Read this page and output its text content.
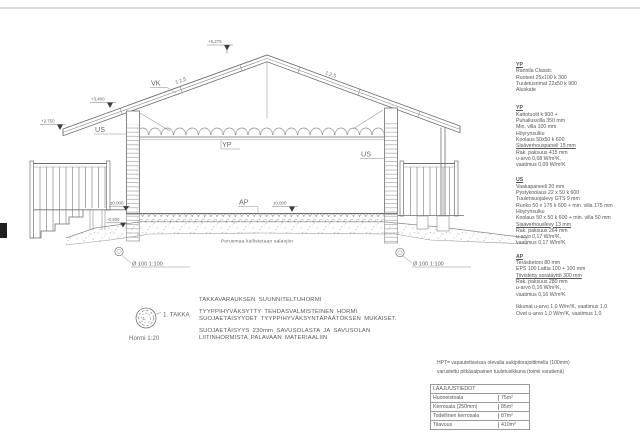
Ø 100 1:100	Ø 100 1:100
+5,275
+3,400
+2,750
±0,000
±0,000
-0,300
VK	1:2,5
1:2,5
US
US
YP
AP
Perusmaa kallistetaan salaojiin
1.	1. TAKKA
Hormi 1:20
TAKKAVARAUKSEN SUUNNITELTUHORMI
TYYPPIHYVÄKSYTTY TEHDASVALMISTEINEN HORMI
SUOJAETÄISYYDET TYYPPIHYVÄKSYNTÄPÄÄTÖKSEN MUKAISET.
SUOJAETÄISYYS 230mm SAVUSOLASTA JA SAVUSOLAN
LIITINHORMISTA PALAVAAN MATERIAALIIN
YP
Rannila Classic
Ruoteet 25x100 k 300
Tuuletusrimat 22x50 k 900
Aluskate
YP
Kattotuolit k 900 +
Puhallusvilla 350 mm
Min. villa 100 mm
Höyrynsulku
Koolaus 50x50 k 600
Sisäverhouspaneli 15 mm
Rak. paksuus 415 mm
u-arvo 0,08 W/m²K,
vaatimus 0,09 W/m²K
US
Vaakapaneeli 20 mm
Pystykoolaus 22 x 50 k 600
Tuulensuojalevy GTS 9 mm
Runko 50 x 175 k 600 + min. villa 175 mm
Höyrynsulku
Koolaus 50 x 50 k 600 + min. villa 50 mm
Sisäverhouslevy 13 mm
Rak. paksuus 264 mm
u-arvo 0,17 W/m²K,
vaatimus 0,17 W/m²K
AP
Teräsbetoni 80 mm
EPS 100 Lattia 100 + 100 mm
Tiivistetty soratäyttö 300 mm
Rak. paksuus 280 mm
u-arvo 0,16 W/m²K,
vaatimus 0,16 W/m²K
Ikkunat u-arvo 1,0 W/m²K, vaatimus 1,0
Ovet u-arvo 1,0 W/m²K, vaatimus 1,0
HPT= vapautettavissa olevalla aukipitorajoittimella (100mm)
varustettu pitkäsalpainen tuuletusikkuna (toimii varatienä)
LAAJUUSTIEDOT
Huoneistoala	75m²
Kerrosala (250mm)	85m²
Todellinen kerrosala	87m²
Tilavuus	410m³
